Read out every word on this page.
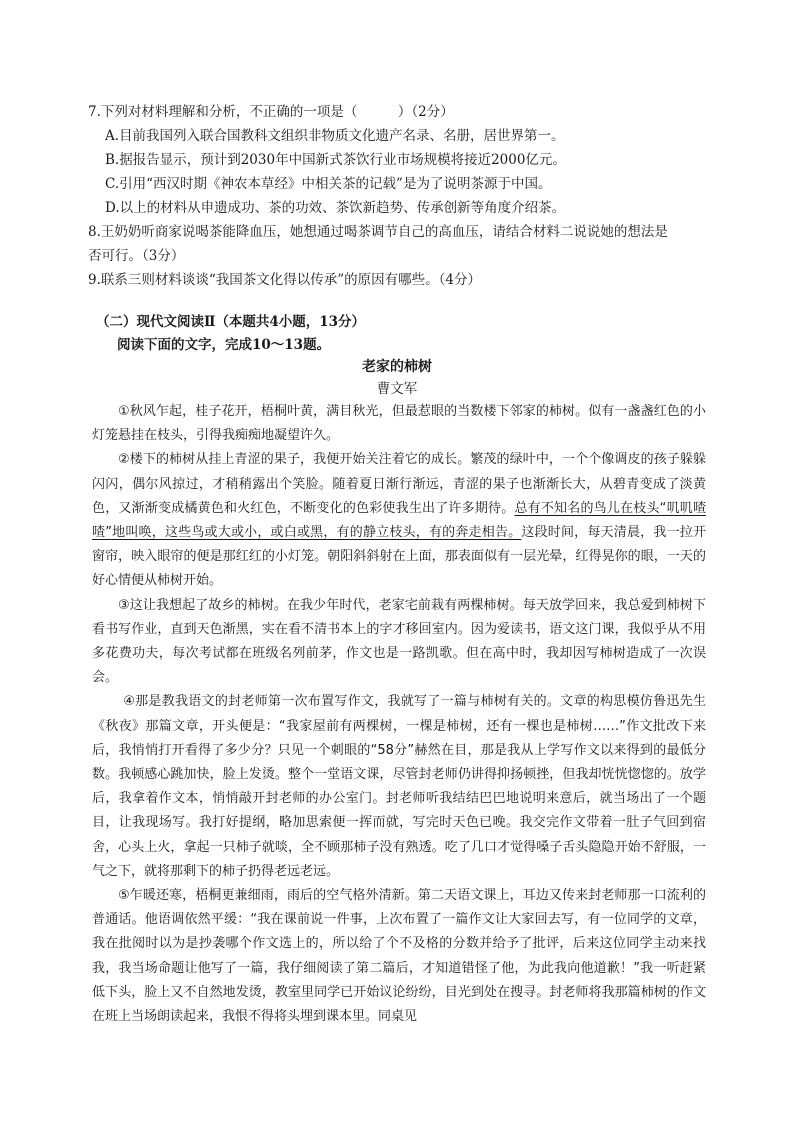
7.下列对材料理解和分析，不正确的一项是（　　　）（2分）
A.目前我国列入联合国教科文组织非物质文化遗产名录、名册，居世界第一。
B.据报告显示，预计到2030年中国新式茶饮行业市场规模将接近2000亿元。
C.引用“西汉时期《神农本草经》中相关茶的记载”是为了说明茶源于中国。
D.以上的材料从申遗成功、茶的功效、茶饮新趋势、传承创新等角度介绍茶。
8.王奶奶听商家说喝茶能降血压，她想通过喝茶调节自己的高血压，请结合材料二说说她的想法是
否可行。（3分）
9.联系三则材料谈谈“我国茶文化得以传承”的原因有哪些。（4分）
（二）现代文阅读Ⅱ（本题共4小题，13分）
阅读下面的文字，完成10～13题。
老家的柿树
曹文军

①秋风乍起，桂子花开，梧桐叶黄，满目秋光，但最惹眼的当数楼下邻家的柿树。似有一盏盏红色的小灯笼悬挂在枝头，引得我痴痴地凝望许久。

②楼下的柿树从挂上青涩的果子，我便开始关注着它的成长。繁茂的绿叶中，一个个像调皮的孩子躲躲闪闪，偶尔风掠过，才稍稍露出个笑脸。随着夏日渐行渐远，青涩的果子也渐渐长大，从碧青变成了淡黄色，又渐渐变成橘黄色和火红色，不断变化的色彩使我生出了许多期待。总有不知名的鸟儿在枝头“叽叽喳喳”地叫唤，这些鸟或大或小，或白或黑，有的静立枝头，有的奔走相告。这段时间，每天清晨，我一拉开窗帘，映入眼帘的便是那红红的小灯笼。朝阳斜斜射在上面，那表面似有一层光晕，红得晃你的眼，一天的好心情便从柿树开始。

③这让我想起了故乡的柿树。在我少年时代，老家宅前栽有两棵柿树。每天放学回来，我总爱到柿树下看书写作业，直到天色渐黑，实在看不清书本上的字才移回室内。因为爱读书，语文这门课，我似乎从不用多花费功夫，每次考试都在班级名列前茅，作文也是一路凯歌。但在高中时，我却因写柿树造成了一次误会。

④那是教我语文的封老师第一次布置写作文，我就写了一篇与柿树有关的。文章的构思模仿鲁迅先生《秋夜》那篇文章，开头便是：“我家屋前有两棵树，一棵是柿树，还有一棵也是柿树……”作文批改下来后，我悄悄打开看得了多少分？只见一个刺眼的“58分”赫然在目，那是我从上学写作文以来得到的最低分数。我顿感心跳加快，脸上发烫。整个一堂语文课，尽管封老师仍讲得抑扬顿挫，但我却恍恍惚惚的。放学后，我拿着作文本，悄悄敲开封老师的办公室门。封老师听我结结巴巴地说明来意后，就当场出了一个题目，让我现场写。我打好提纲，略加思索便一挥而就，写完时天色已晚。我交完作文带着一肚子气回到宿舍，心头上火，拿起一只柿子就啖，全不顾那柿子没有熟透。吃了几口才觉得嗓子舌头隐隐开始不舒服，一气之下，就将那剩下的柿子扔得老远老远。

⑤乍暖还寒，梧桐更兼细雨，雨后的空气格外清新。第二天语文课上，耳边又传来封老师那一口流利的普通话。他语调依然平缓：“我在课前说一件事，上次布置了一篇作文让大家回去写，有一位同学的文章，我在批阅时以为是抄袭哪个作文选上的，所以给了个不及格的分数并给予了批评，后来这位同学主动来找我，我当场命题让他写了一篇，我仔细阅读了第二篇后，才知道错怪了他，为此我向他道歉！”我一听赶紧低下头，脸上又不自然地发烫，教室里同学已开始议论纷纷，目光到处在搜寻。封老师将我那篇柿树的作文在班上当场朗读起来，我恨不得将头埋到课本里。同桌见
